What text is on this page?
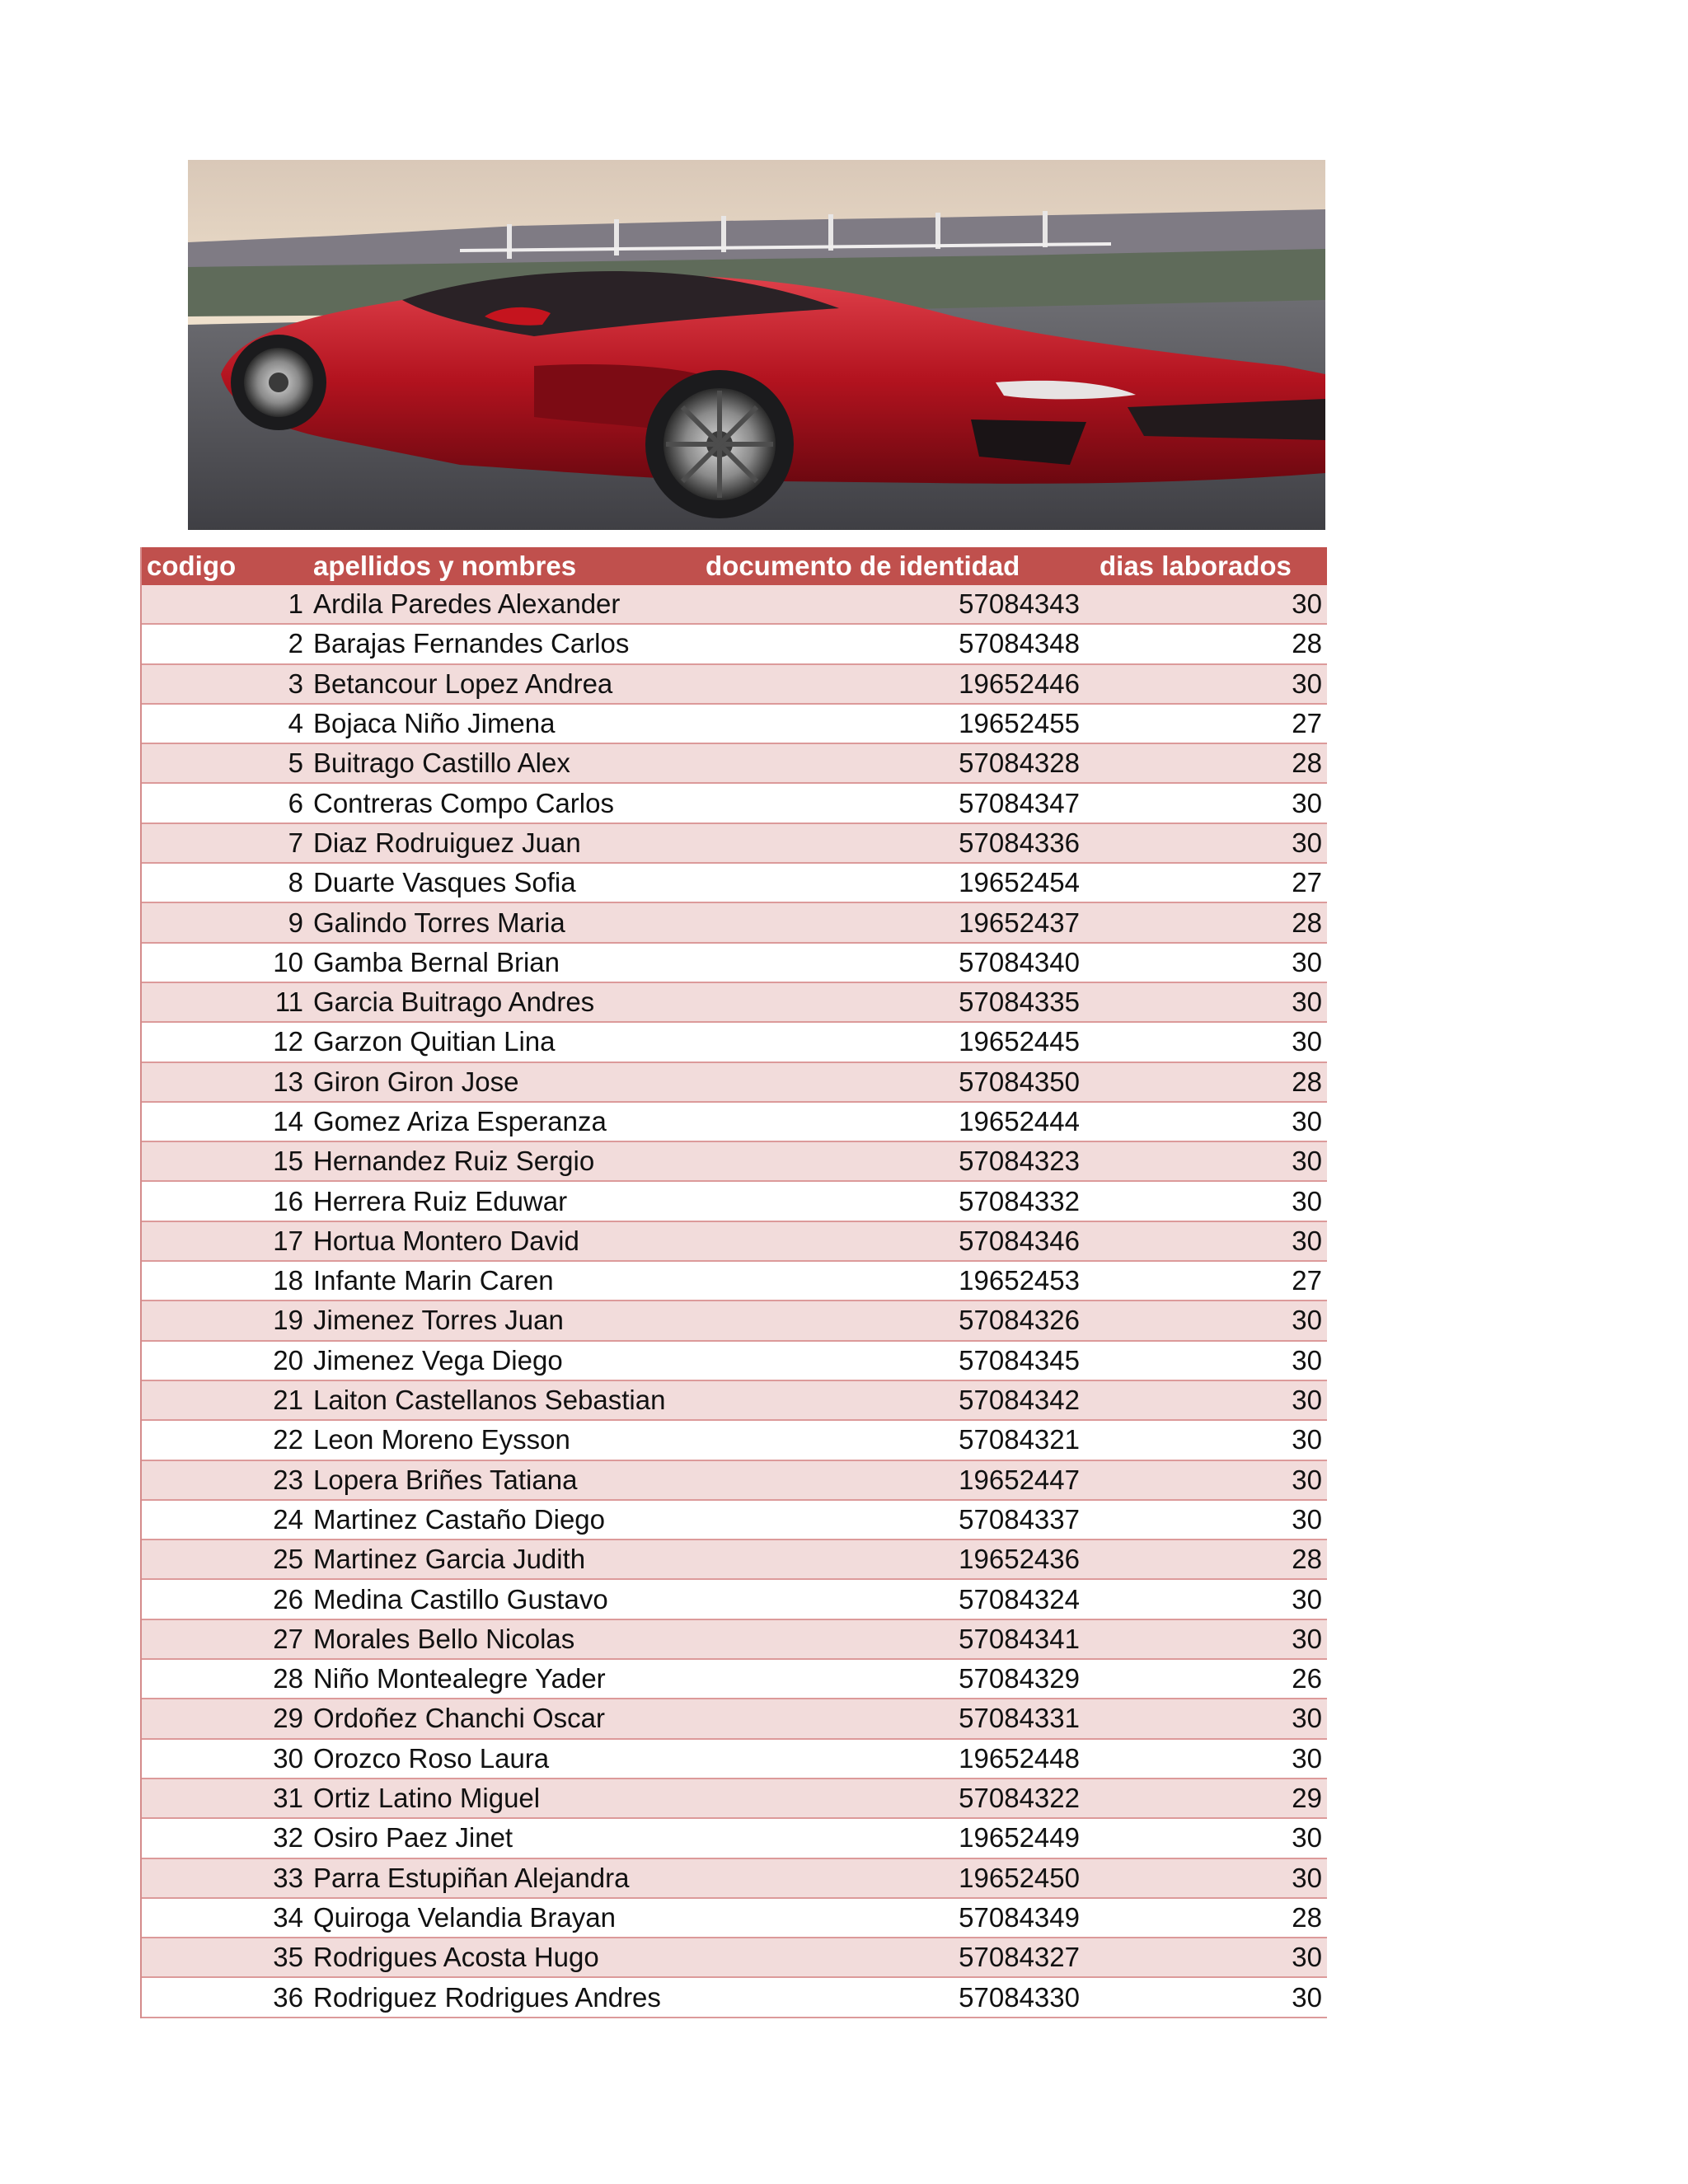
codigo	apellidos y nombres	documento de identidad	dias laborados
1 Ardila Paredes Alexander	57084343	30
2 Barajas Fernandes Carlos	57084348	28
3 Betancour Lopez Andrea	19652446	30
4 Bojaca Niño Jimena	19652455	27
5 Buitrago Castillo Alex	57084328	28
6 Contreras Compo Carlos	57084347	30
7 Diaz Rodruiguez Juan	57084336	30
8 Duarte Vasques Sofia	19652454	27
9 Galindo Torres Maria	19652437	28
10 Gamba Bernal Brian	57084340	30
11 Garcia Buitrago Andres	57084335	30
12 Garzon Quitian Lina	19652445	30
13 Giron Giron Jose	57084350	28
14 Gomez Ariza Esperanza	19652444	30
15 Hernandez Ruiz Sergio	57084323	30
16 Herrera Ruiz Eduwar	57084332	30
17 Hortua Montero David	57084346	30
18 Infante Marin Caren	19652453	27
19 Jimenez Torres Juan	57084326	30
20 Jimenez Vega Diego	57084345	30
21 Laiton Castellanos Sebastian	57084342	30
22 Leon Moreno Eysson	57084321	30
23 Lopera Briñes Tatiana	19652447	30
24 Martinez Castaño Diego	57084337	30
25 Martinez Garcia Judith	19652436	28
26 Medina Castillo Gustavo	57084324	30
27 Morales Bello Nicolas	57084341	30
28 Niño Montealegre Yader	57084329	26
29 Ordoñez Chanchi Oscar	57084331	30
30 Orozco Roso Laura	19652448	30
31 Ortiz Latino Miguel	57084322	29
32 Osiro Paez Jinet	19652449	30
33 Parra Estupiñan Alejandra	19652450	30
34 Quiroga Velandia Brayan	57084349	28
35 Rodrigues Acosta Hugo	57084327	30
36 Rodriguez Rodrigues Andres	57084330	30
